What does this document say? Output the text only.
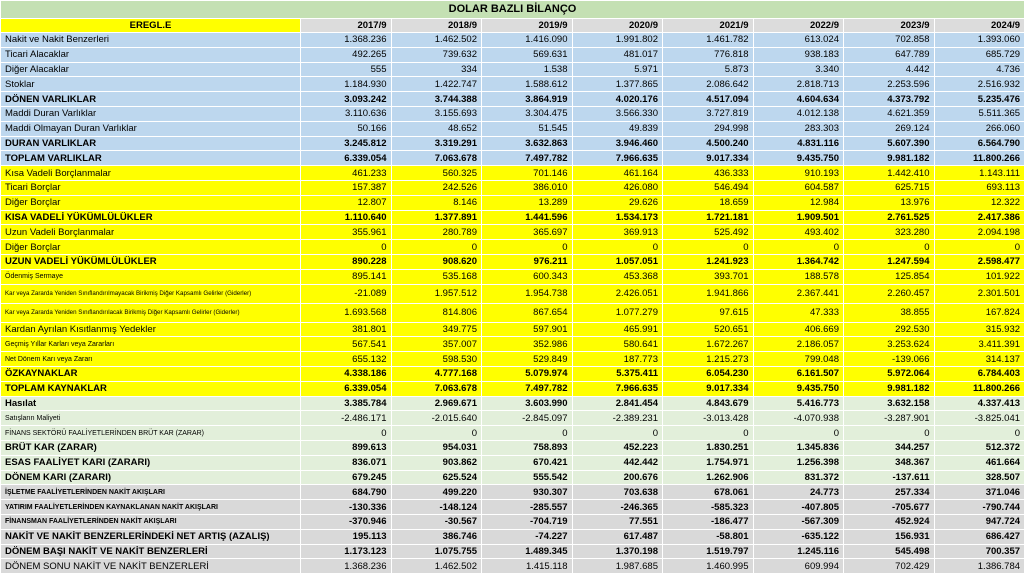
DOLAR BAZLI BİLANÇO								
EREGL.E	2017/9	2018/9	2019/9	2020/9	2021/9	2022/9	2023/9	2024/9
Nakit ve Nakit Benzerleri	1.368.236	1.462.502	1.416.090	1.991.802	1.461.782	613.024	702.858	1.393.060
Ticari Alacaklar	492.265	739.632	569.631	481.017	776.818	938.183	647.789	685.729
Diğer Alacaklar	555	334	1.538	5.971	5.873	3.340	4.442	4.736
Stoklar	1.184.930	1.422.747	1.588.612	1.377.865	2.086.642	2.818.713	2.253.596	2.516.932
DÖNEN VARLIKLAR	3.093.242	3.744.388	3.864.919	4.020.176	4.517.094	4.604.634	4.373.792	5.235.476
Maddi Duran Varlıklar	3.110.636	3.155.693	3.304.475	3.566.330	3.727.819	4.012.138	4.621.359	5.511.365
Maddi Olmayan Duran Varlıklar	50.166	48.652	51.545	49.839	294.998	283.303	269.124	266.060
DURAN VARLIKLAR	3.245.812	3.319.291	3.632.863	3.946.460	4.500.240	4.831.116	5.607.390	6.564.790
TOPLAM VARLIKLAR	6.339.054	7.063.678	7.497.782	7.966.635	9.017.334	9.435.750	9.981.182	11.800.266
Kısa Vadeli Borçlanmalar	461.233	560.325	701.146	461.164	436.333	910.193	1.442.410	1.143.111
Ticari Borçlar	157.387	242.526	386.010	426.080	546.494	604.587	625.715	693.113
Diğer Borçlar	12.807	8.146	13.289	29.626	18.659	12.984	13.976	12.322
KISA VADELİ YÜKÜMLÜLÜKLER	1.110.640	1.377.891	1.441.596	1.534.173	1.721.181	1.909.501	2.761.525	2.417.386
Uzun Vadeli Borçlanmalar	355.961	280.789	365.697	369.913	525.492	493.402	323.280	2.094.198
Diğer Borçlar	0	0	0	0	0	0	0	0
UZUN VADELİ YÜKÜMLÜLÜKLER	890.228	908.620	976.211	1.057.051	1.241.923	1.364.742	1.247.594	2.598.477
Ödenmiş Sermaye	895.141	535.168	600.343	453.368	393.701	188.578	125.854	101.922
Kar veya Zararda Yeniden Sınıflandırılmayacak Birikmiş Diğer Kapsamlı Gelirler (Giderler)	-21.089	1.957.512	1.954.738	2.426.051	1.941.866	2.367.441	2.260.457	2.301.501
Kar veya Zararda Yeniden Sınıflandırılacak Birikmiş Diğer Kapsamlı Gelirler (Giderler)	1.693.568	814.806	867.654	1.077.279	97.615	47.333	38.855	167.824
Kardan Ayrılan Kısıtlanmış Yedekler	381.801	349.775	597.901	465.991	520.651	406.669	292.530	315.932
Geçmiş Yıllar Karları veya Zararları	567.541	357.007	352.986	580.641	1.672.267	2.186.057	3.253.624	3.411.391
Net Dönem Karı veya Zararı	655.132	598.530	529.849	187.773	1.215.273	799.048	-139.066	314.137
ÖZKAYNAKLAR	4.338.186	4.777.168	5.079.974	5.375.411	6.054.230	6.161.507	5.972.064	6.784.403
TOPLAM KAYNAKLAR	6.339.054	7.063.678	7.497.782	7.966.635	9.017.334	9.435.750	9.981.182	11.800.266
Hasılat	3.385.784	2.969.671	3.603.990	2.841.454	4.843.679	5.416.773	3.632.158	4.337.413
Satışların Maliyeti	-2.486.171	-2.015.640	-2.845.097	-2.389.231	-3.013.428	-4.070.938	-3.287.901	-3.825.041
FİNANS SEKTÖRÜ FAALİYETLERİNDEN BRÜT KAR (ZARAR)	0	0	0	0	0	0	0	0
BRÜT KAR (ZARAR)	899.613	954.031	758.893	452.223	1.830.251	1.345.836	344.257	512.372
ESAS FAALİYET KARI (ZARARI)	836.071	903.862	670.421	442.442	1.754.971	1.256.398	348.367	461.664
DÖNEM KARI (ZARARI)	679.245	625.524	555.542	200.676	1.262.906	831.372	-137.611	328.507
İŞLETME FAALİYETLERİNDEN NAKİT AKIŞLARI	684.790	499.220	930.307	703.638	678.061	24.773	257.334	371.046
YATIRIM FAALİYETLERİNDEN KAYNAKLANAN NAKİT AKIŞLARI	-130.336	-148.124	-285.557	-246.365	-585.323	-407.805	-705.677	-790.744
FİNANSMAN FAALİYETLERİNDEN NAKİT AKIŞLARI	-370.946	-30.567	-704.719	77.551	-186.477	-567.309	452.924	947.724
NAKİT VE NAKİT BENZERLERİNDEKİ NET ARTIŞ (AZALIŞ)	195.113	386.746	-74.227	617.487	-58.801	-635.122	156.931	686.427
DÖNEM BAŞI NAKİT VE NAKİT BENZERLERİ	1.173.123	1.075.755	1.489.345	1.370.198	1.519.797	1.245.116	545.498	700.357
DÖNEM SONU NAKİT VE NAKİT BENZERLERİ	1.368.236	1.462.502	1.415.118	1.987.685	1.460.995	609.994	702.429	1.386.784
